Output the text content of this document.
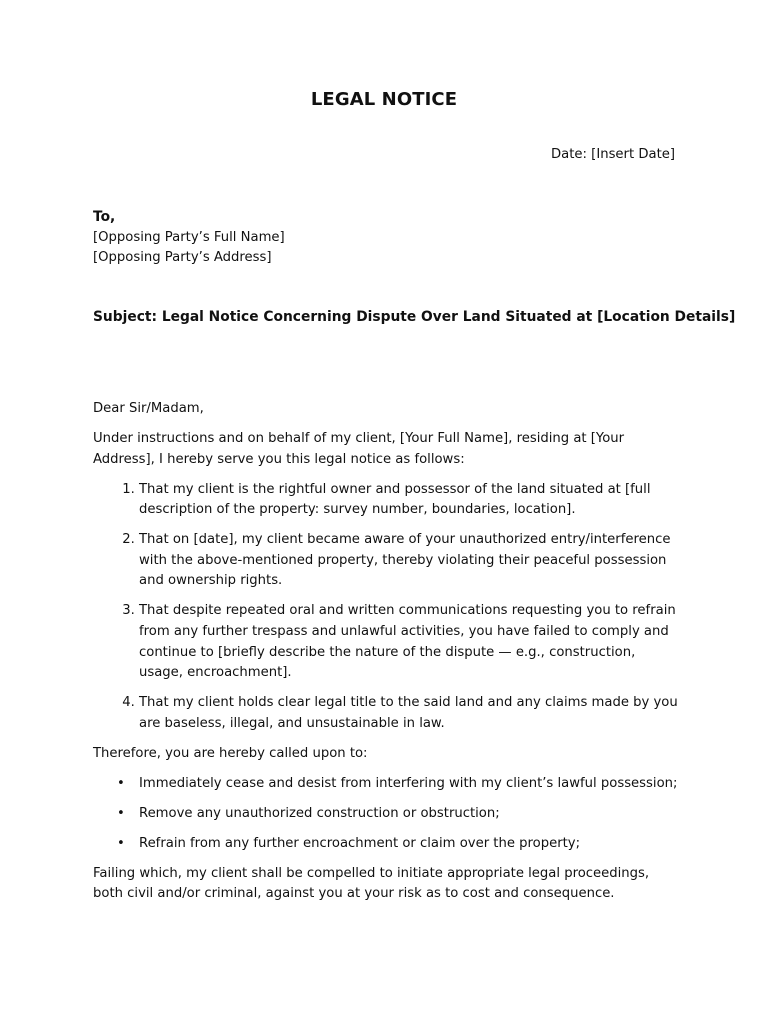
LEGAL NOTICE
Date: [Insert Date]
To,
[Opposing Party’s Full Name]
[Opposing Party’s Address]
Subject: Legal Notice Concerning Dispute Over Land Situated at [Location Details]

Dear Sir/Madam,

Under instructions and on behalf of my client, [Your Full Name], residing at [Your Address], I hereby serve you this legal notice as follows:

1. That my client is the rightful owner and possessor of the land situated at [full description of the property: survey number, boundaries, location].
2. That on [date], my client became aware of your unauthorized entry/interference with the above-mentioned property, thereby violating their peaceful possession and ownership rights.
3. That despite repeated oral and written communications requesting you to refrain from any further trespass and unlawful activities, you have failed to comply and continue to [briefly describe the nature of the dispute — e.g., construction, usage, encroachment].
4. That my client holds clear legal title to the said land and any claims made by you are baseless, illegal, and unsustainable in law.

Therefore, you are hereby called upon to:

• Immediately cease and desist from interfering with my client’s lawful possession;
• Remove any unauthorized construction or obstruction;
• Refrain from any further encroachment or claim over the property;

Failing which, my client shall be compelled to initiate appropriate legal proceedings, both civil and/or criminal, against you at your risk as to cost and consequence.
